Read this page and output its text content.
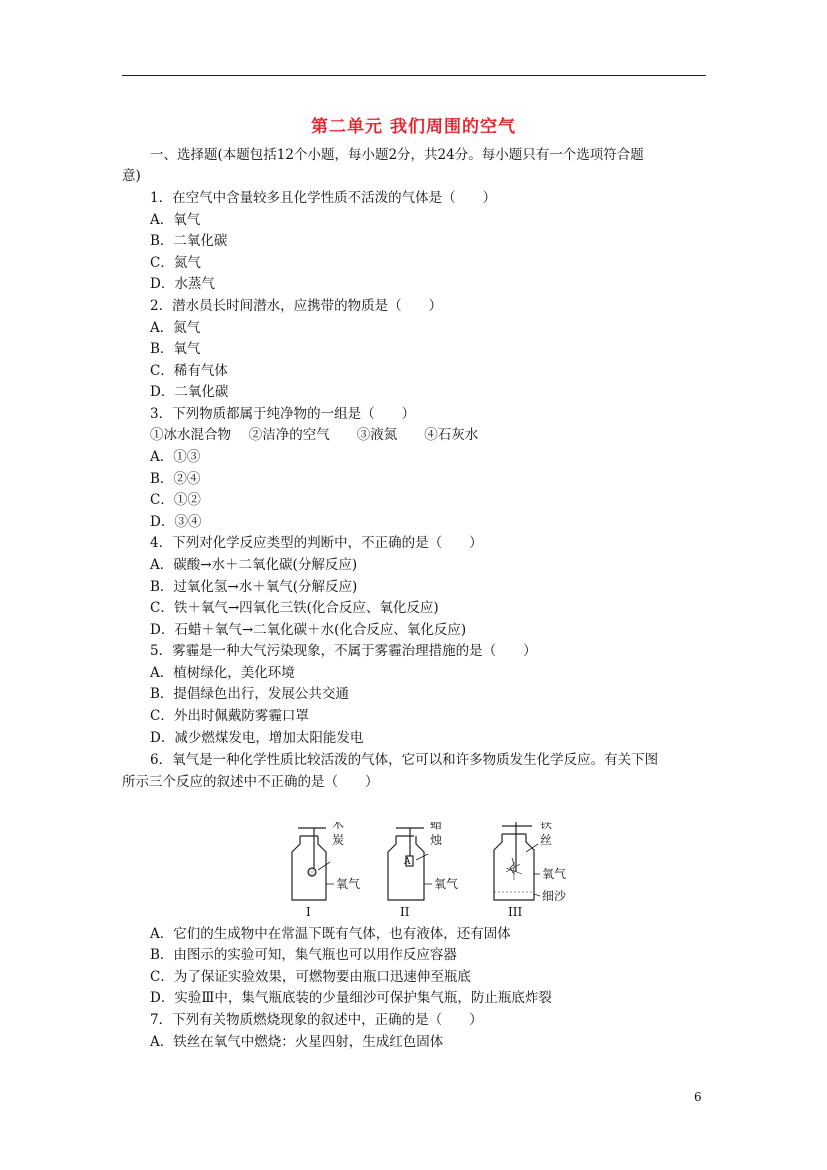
第二单元 我们周围的空气
一、选择题(本题包括12个小题，每小题2分，共24分。每小题只有一个选项符合题
意)
1．在空气中含量较多且化学性质不活泼的气体是（　　）
A．氧气
B．二氧化碳
C．氮气
D．水蒸气
2．潜水员长时间潜水，应携带的物质是（　　）
A．氮气
B．氧气
C．稀有气体
D．二氧化碳
3．下列物质都属于纯净物的一组是（　　）
①冰水混合物　 ②洁净的空气　　③液氮　　④石灰水
A．①③
B．②④
C．①②
D．③④
4．下列对化学反应类型的判断中，不正确的是（　　）
A．碳酸→水＋二氧化碳(分解反应)
B．过氧化氢→水＋氧气(分解反应)
C．铁＋氧气→四氧化三铁(化合反应、氧化反应)
D．石蜡＋氧气→二氧化碳＋水(化合反应、氧化反应)
5．雾霾是一种大气污染现象，不属于雾霾治理措施的是（　　）
A．植树绿化，美化环境
B．提倡绿色出行，发展公共交通
C．外出时佩戴防雾霾口罩
D．减少燃煤发电，增加太阳能发电
6．氧气是一种化学性质比较活泼的气体，它可以和许多物质发生化学反应。有关下图
所示三个反应的叙述中不正确的是（　　）
木
炭
氧气
I
A
蜡
烛
氧气
II
铁
丝
氧气
细沙
III
A．它们的生成物中在常温下既有气体，也有液体，还有固体
B．由图示的实验可知，集气瓶也可以用作反应容器
C．为了保证实验效果，可燃物要由瓶口迅速伸至瓶底
D．实验Ⅲ中，集气瓶底装的少量细沙可保护集气瓶，防止瓶底炸裂
7．下列有关物质燃烧现象的叙述中，正确的是（　　）
A．铁丝在氧气中燃烧：火星四射，生成红色固体
6
